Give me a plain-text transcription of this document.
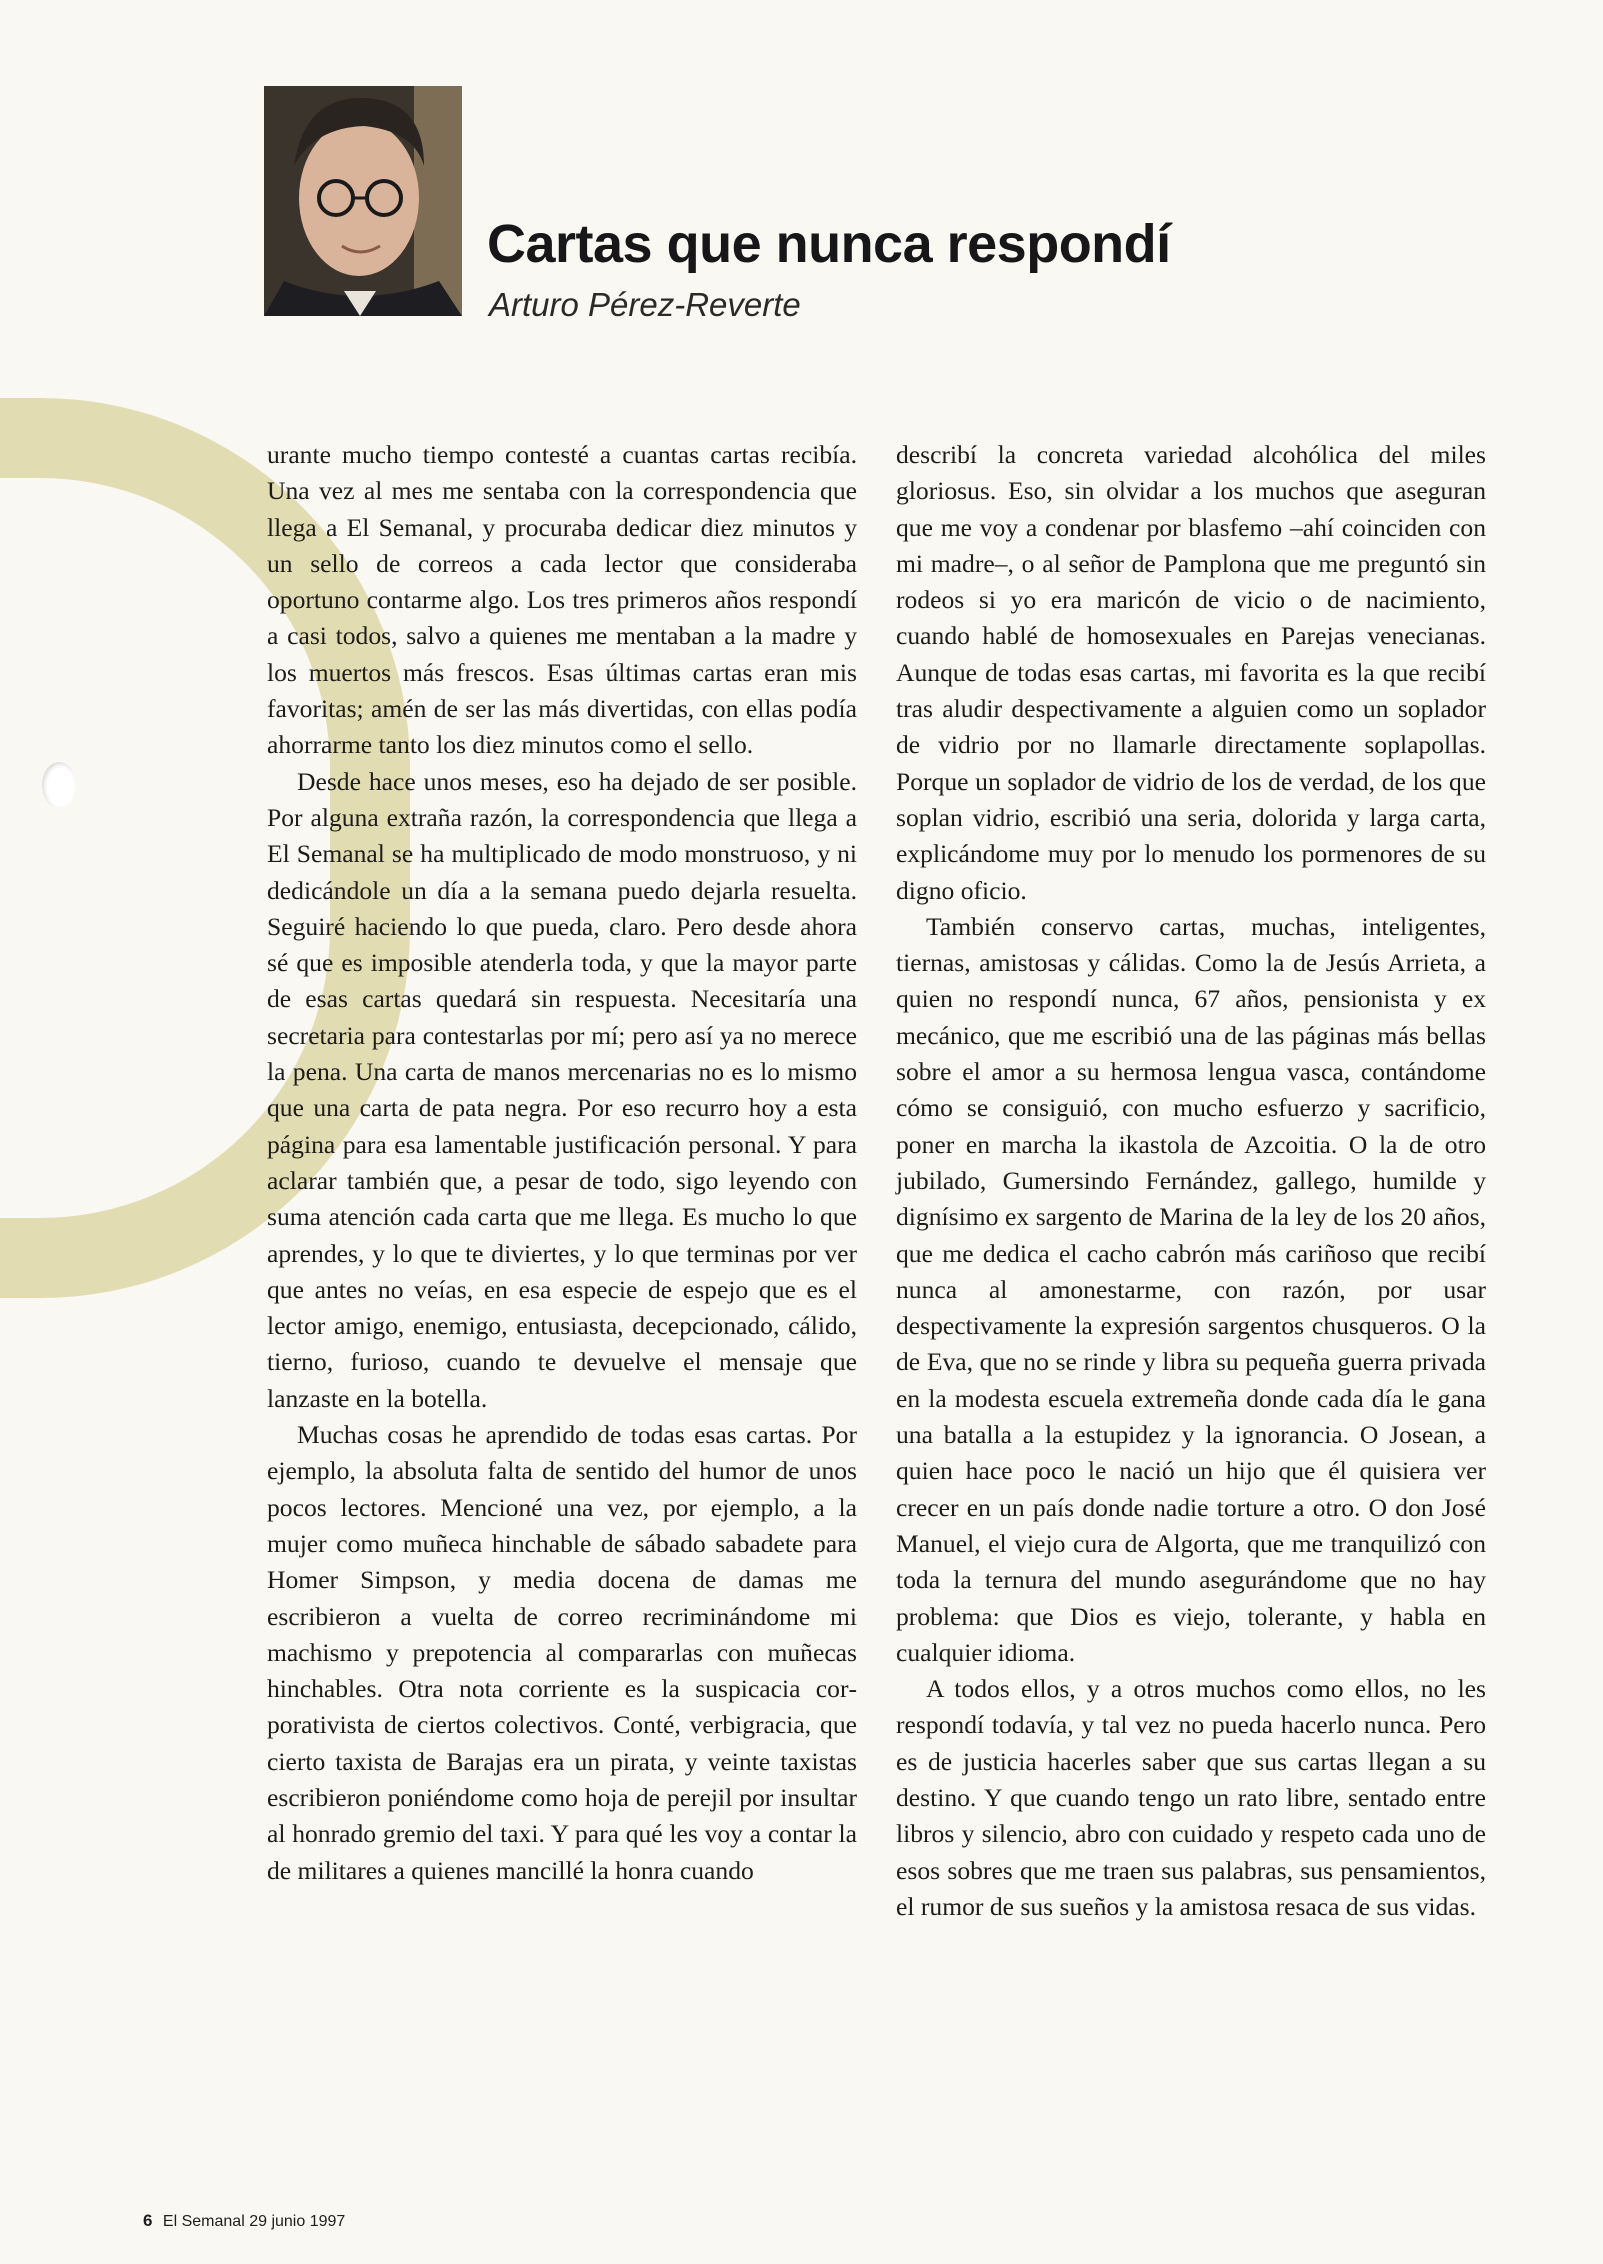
Cartas que nunca respondí
Arturo Pérez-Reverte

urante mucho tiempo contesté a cuantas cartas recibía. Una vez al mes me sentaba con la correspondencia que llega a El Semanal, y procuraba dedicar diez minutos y un sello de correos a cada lector que consideraba oportuno contarme algo. Los tres primeros años respondí a casi todos, salvo a quienes me mentaban a la madre y los muertos más frescos. Esas últimas cartas eran mis favoritas; amén de ser las más divertidas, con ellas podía ahorrarme tanto los diez minutos como el sello.

Desde hace unos meses, eso ha dejado de ser posible. Por alguna extraña razón, la correspondencia que llega a El Semanal se ha multiplicado de modo monstruoso, y ni dedicándole un día a la semana puedo dejarla resuelta. Seguiré haciendo lo que pueda, claro. Pero desde ahora sé que es imposible atenderla toda, y que la mayor parte de esas cartas quedará sin respuesta. Necesitaría una secretaria para contestarlas por mí; pero así ya no merece la pena. Una carta de manos mercenarias no es lo mismo que una carta de pata negra. Por eso recurro hoy a esta página para esa lamentable justificación personal. Y para aclarar también que, a pesar de todo, sigo leyendo con suma atención cada carta que me llega. Es mucho lo que aprendes, y lo que te diviertes, y lo que terminas por ver que antes no veías, en esa especie de espejo que es el lector amigo, enemigo, entusiasta, decepcionado, cálido, tierno, furioso, cuando te devuelve el mensaje que lanzaste en la botella.

Muchas cosas he aprendido de todas esas cartas. Por ejemplo, la absoluta falta de sentido del humor de unos pocos lectores. Mencioné una vez, por ejemplo, a la mujer como muñeca hinchable de sábado sabadete para Homer Simpson, y media docena de damas me escribieron a vuelta de correo recriminándome mi machismo y prepotencia al compararlas con muñecas hinchables. Otra nota corriente es la suspicacia corporativista de ciertos colectivos. Conté, verbigracia, que cierto taxista de Barajas era un pirata, y veinte taxistas escribieron poniéndome como hoja de perejil por insultar al honrado gremio del taxi. Y para qué les voy a contar la de militares a quienes mancillé la honra cuando

describí la concreta variedad alcohólica del miles gloriosus. Eso, sin olvidar a los muchos que aseguran que me voy a condenar por blasfemo –ahí coinciden con mi madre–, o al señor de Pamplona que me preguntó sin rodeos si yo era maricón de vicio o de nacimiento, cuando hablé de homosexuales en Parejas venecianas. Aunque de todas esas cartas, mi favorita es la que recibí tras aludir despectivamente a alguien como un soplador de vidrio por no llamarle directamente soplapollas. Porque un soplador de vidrio de los de verdad, de los que soplan vidrio, escribió una seria, dolorida y larga carta, explicándome muy por lo menudo los pormenores de su digno oficio.

También conservo cartas, muchas, inteligentes, tiernas, amistosas y cálidas. Como la de Jesús Arrieta, a quien no respondí nunca, 67 años, pensionista y ex mecánico, que me escribió una de las páginas más bellas sobre el amor a su hermosa lengua vasca, contándome cómo se consiguió, con mucho esfuerzo y sacrificio, poner en marcha la ikastola de Azcoitia. O la de otro jubilado, Gumersindo Fernández, gallego, humilde y dignísimo ex sargento de Marina de la ley de los 20 años, que me dedica el cacho cabrón más cariñoso que recibí nunca al amonestarme, con razón, por usar despectivamente la expresión sargentos chusqueros. O la de Eva, que no se rinde y libra su pequeña guerra privada en la modesta escuela extremeña donde cada día le gana una batalla a la estupidez y la ignorancia. O Josean, a quien hace poco le nació un hijo que él quisiera ver crecer en un país donde nadie torture a otro. O don José Manuel, el viejo cura de Algorta, que me tranquilizó con toda la ternura del mundo asegurándome que no hay problema: que Dios es viejo, tolerante, y habla en cualquier idioma.

A todos ellos, y a otros muchos como ellos, no les respondí todavía, y tal vez no pueda hacerlo nunca. Pero es de justicia hacerles saber que sus cartas llegan a su destino. Y que cuando tengo un rato libre, sentado entre libros y silencio, abro con cuidado y respeto cada uno de esos sobres que me traen sus palabras, sus pensamientos, el rumor de sus sueños y la amistosa resaca de sus vidas.

6 El Semanal 29 junio 1997
